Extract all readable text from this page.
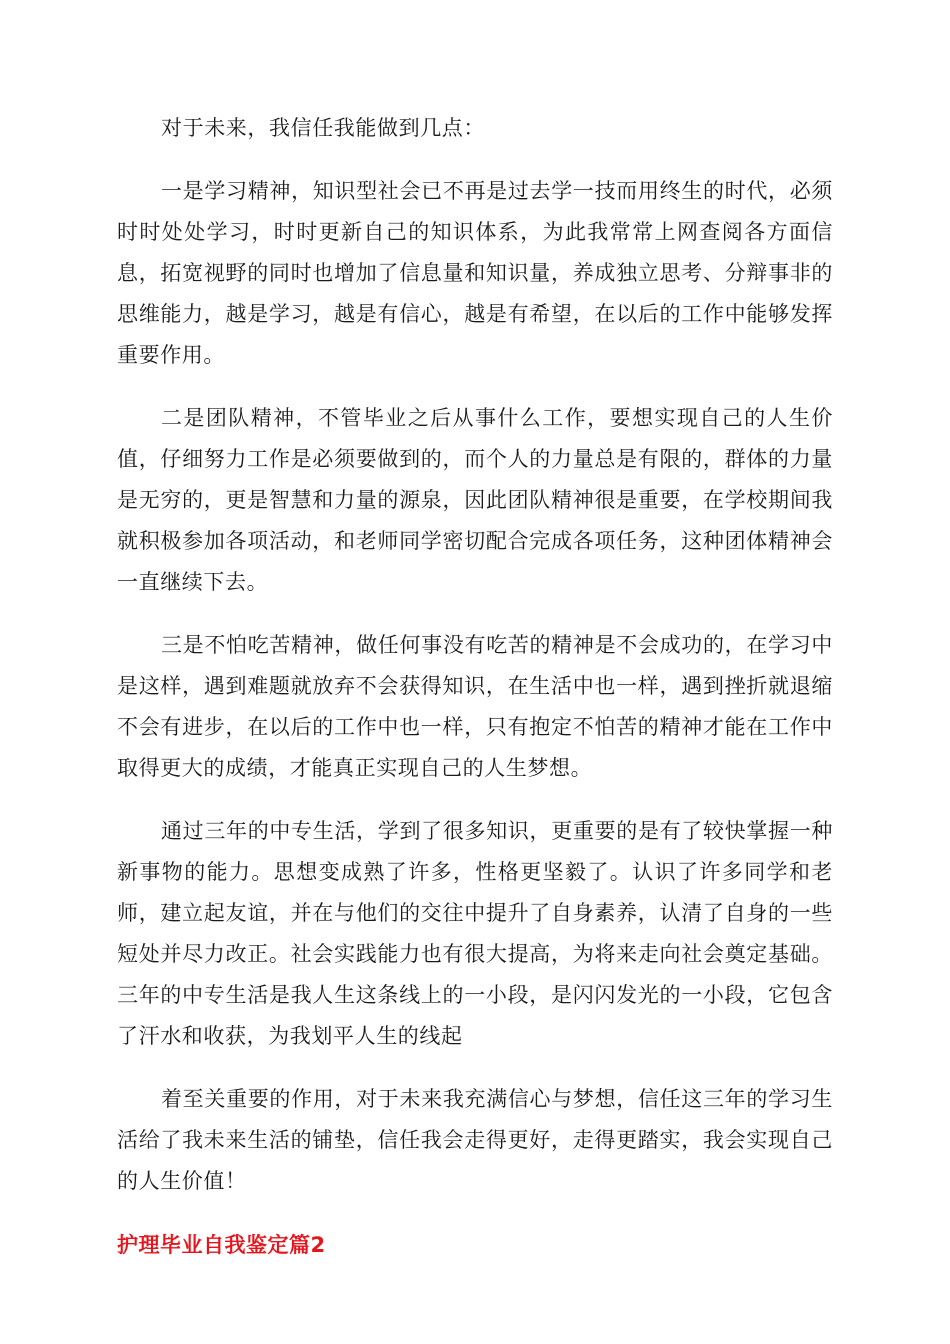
对于未来，我信任我能做到几点：

一是学习精神，知识型社会已不再是过去学一技而用终生的时代，必须时时处处学习，时时更新自己的知识体系，为此我常常上网查阅各方面信息，拓宽视野的同时也增加了信息量和知识量，养成独立思考、分辩事非的思维能力，越是学习，越是有信心，越是有希望，在以后的工作中能够发挥重要作用。

二是团队精神，不管毕业之后从事什么工作，要想实现自己的人生价值，仔细努力工作是必须要做到的，而个人的力量总是有限的，群体的力量是无穷的，更是智慧和力量的源泉，因此团队精神很是重要，在学校期间我就积极参加各项活动，和老师同学密切配合完成各项任务，这种团体精神会一直继续下去。

三是不怕吃苦精神，做任何事没有吃苦的精神是不会成功的，在学习中是这样，遇到难题就放弃不会获得知识，在生活中也一样，遇到挫折就退缩不会有进步，在以后的工作中也一样，只有抱定不怕苦的精神才能在工作中取得更大的成绩，才能真正实现自己的人生梦想。

通过三年的中专生活，学到了很多知识，更重要的是有了较快掌握一种新事物的能力。思想变成熟了许多，性格更坚毅了。认识了许多同学和老师，建立起友谊，并在与他们的交往中提升了自身素养，认清了自身的一些短处并尽力改正。社会实践能力也有很大提高，为将来走向社会奠定基础。三年的中专生活是我人生这条线上的一小段，是闪闪发光的一小段，它包含了汗水和收获，为我划平人生的线起

着至关重要的作用，对于未来我充满信心与梦想，信任这三年的学习生活给了我未来生活的铺垫，信任我会走得更好，走得更踏实，我会实现自己的人生价值！

护理毕业自我鉴定篇2
